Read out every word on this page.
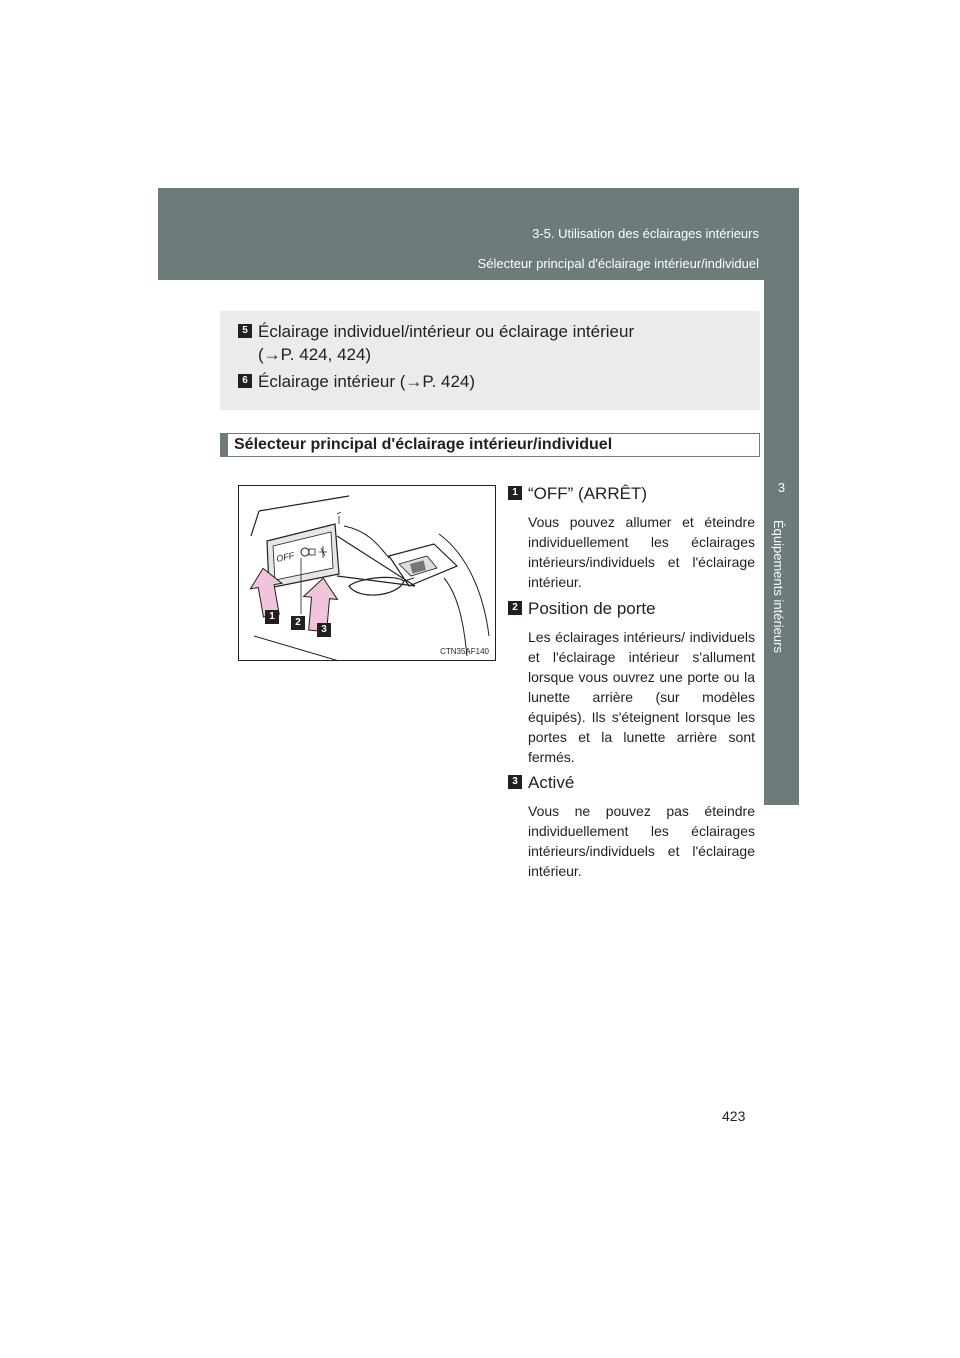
3-5. Utilisation des éclairages intérieurs
Sélecteur principal d'éclairage intérieur/individuel
3
Équipements intérieurs
5 Éclairage individuel/intérieur ou éclairage intérieur
(→P. 424, 424)
6 Éclairage intérieur (→P. 424)
Sélecteur principal d'éclairage intérieur/individuel
OFF
1
2
3
CTN35AF140
1 “OFF” (ARRÊT)
Vous pouvez allumer et éteindre individuellement les éclairages intérieurs/individuels et l'éclairage intérieur.
2 Position de porte
Les éclairages intérieurs/ individuels et l'éclairage intérieur s'allument lorsque vous ouvrez une porte ou la lunette arrière (sur modèles équipés). Ils s'éteignent lorsque les portes et la lunette arrière sont fermés.
3 Activé
Vous ne pouvez pas éteindre individuellement les éclairages intérieurs/individuels et l'éclairage intérieur.
423
